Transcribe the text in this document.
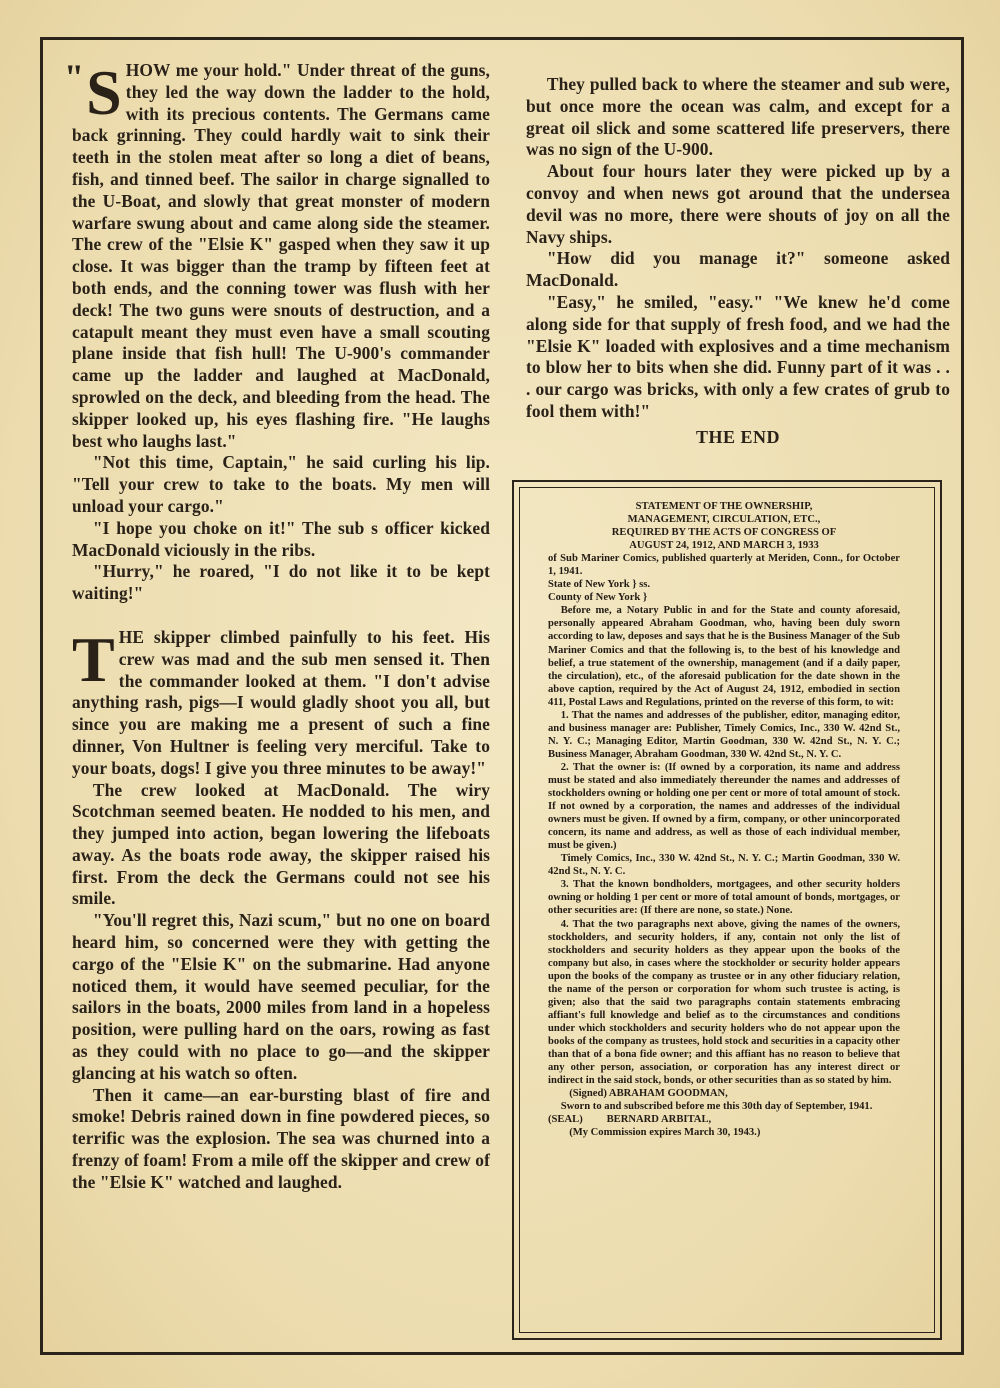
" S HOW me your hold." Under threat of the guns, they led the way down the ladder to the hold, with its precious contents. The Germans came back grinning. They could hardly wait to sink their teeth in the stolen meat after so long a diet of beans, fish, and tinned beef. The sailor in charge signalled to the U-Boat, and slowly that great monster of modern warfare swung about and came along side the steamer. The crew of the "Elsie K" gasped when they saw it up close. It was bigger than the tramp by fifteen feet at both ends, and the conning tower was flush with her deck! The two guns were snouts of destruction, and a catapult meant they must even have a small scouting plane inside that fish hull! The U-900's commander came up the ladder and laughed at MacDonald, sprowled on the deck, and bleeding from the head. The skipper looked up, his eyes flashing fire. "He laughs best who laughs last."

"Not this time, Captain," he said curling his lip. "Tell your crew to take to the boats. My men will unload your cargo."

"I hope you choke on it!" The sub s officer kicked MacDonald viciously in the ribs.

"Hurry," he roared, "I do not like it to be kept waiting!"

THE skipper climbed painfully to his feet. His crew was mad and the sub men sensed it. Then the commander looked at them. "I don't advise anything rash, pigs—I would gladly shoot you all, but since you are making me a present of such a fine dinner, Von Hultner is feeling very merciful. Take to your boats, dogs! I give you three minutes to be away!"

The crew looked at MacDonald. The wiry Scotchman seemed beaten. He nodded to his men, and they jumped into action, began lowering the lifeboats away. As the boats rode away, the skipper raised his first. From the deck the Germans could not see his smile.

"You'll regret this, Nazi scum," but no one on board heard him, so concerned were they with getting the cargo of the "Elsie K" on the submarine. Had anyone noticed them, it would have seemed peculiar, for the sailors in the boats, 2000 miles from land in a hopeless position, were pulling hard on the oars, rowing as fast as they could with no place to go—and the skipper glancing at his watch so often.

Then it came—an ear-bursting blast of fire and smoke! Debris rained down in fine powdered pieces, so terrific was the explosion. The sea was churned into a frenzy of foam! From a mile off the skipper and crew of the "Elsie K" watched and laughed.

They pulled back to where the steamer and sub were, but once more the ocean was calm, and except for a great oil slick and some scattered life preservers, there was no sign of the U-900.

About four hours later they were picked up by a convoy and when news got around that the undersea devil was no more, there were shouts of joy on all the Navy ships.

"How did you manage it?" someone asked MacDonald.

"Easy," he smiled, "easy." "We knew he'd come along side for that supply of fresh food, and we had the "Elsie K" loaded with explosives and a time mechanism to blow her to bits when she did. Funny part of it was . . . our cargo was bricks, with only a few crates of grub to fool them with!"

THE END
STATEMENT OF THE OWNERSHIP,
MANAGEMENT, CIRCULATION, ETC.,
REQUIRED BY THE ACTS OF CONGRESS OF
AUGUST 24, 1912, AND MARCH 3, 1933
of Sub Mariner Comics, published quarterly at Meriden, Conn., for October 1, 1941.
State of New York } ss.
County of New York }
Before me, a Notary Public in and for the State and county aforesaid, personally appeared Abraham Goodman, who, having been duly sworn according to law, deposes and says that he is the Business Manager of the Sub Mariner Comics and that the following is, to the best of his knowledge and belief, a true statement of the ownership, management (and if a daily paper, the circulation), etc., of the aforesaid publication for the date shown in the above caption, required by the Act of August 24, 1912, embodied in section 411, Postal Laws and Regulations, printed on the reverse of this form, to wit:
1. That the names and addresses of the publisher, editor, managing editor, and business manager are: Publisher, Timely Comics, Inc., 330 W. 42nd St., N. Y. C.; Managing Editor, Martin Goodman, 330 W. 42nd St., N. Y. C.; Business Manager, Abraham Goodman, 330 W. 42nd St., N. Y. C.
2. That the owner is: (If owned by a corporation, its name and address must be stated and also immediately thereunder the names and addresses of stockholders owning or holding one per cent or more of total amount of stock. If not owned by a corporation, the names and addresses of the individual owners must be given. If owned by a firm, company, or other unincorporated concern, its name and address, as well as those of each individual member, must be given.)
Timely Comics, Inc., 330 W. 42nd St., N. Y. C.; Martin Goodman, 330 W. 42nd St., N. Y. C.
3. That the known bondholders, mortgagees, and other security holders owning or holding 1 per cent or more of total amount of bonds, mortgages, or other securities are: (If there are none, so state.) None.
4. That the two paragraphs next above, giving the names of the owners, stockholders, and security holders, if any, contain not only the list of stockholders and security holders as they appear upon the books of the company but also, in cases where the stockholder or security holder appears upon the books of the company as trustee or in any other fiduciary relation, the name of the person or corporation for whom such trustee is acting, is given; also that the said two paragraphs contain statements embracing affiant's full knowledge and belief as to the circumstances and conditions under which stockholders and security holders who do not appear upon the books of the company as trustees, hold stock and securities in a capacity other than that of a bona fide owner; and this affiant has no reason to believe that any other person, association, or corporation has any interest direct or indirect in the said stock, bonds, or other securities than as so stated by him.
(Signed) ABRAHAM GOODMAN,
Sworn to and subscribed before me this 30th day of September, 1941.
(SEAL) BERNARD ARBITAL,
(My Commission expires March 30, 1943.)
